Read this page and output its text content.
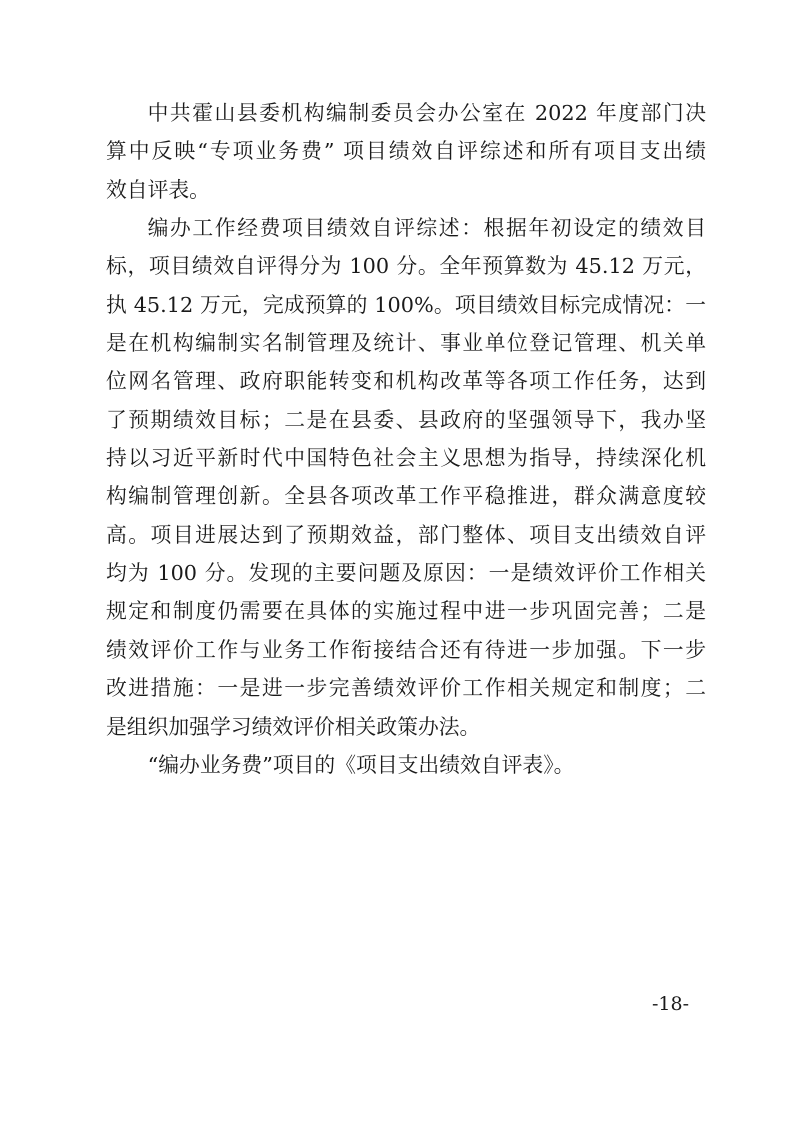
中共霍山县委机构编制委员会办公室在 2022 年度部门决
算中反映“专项业务费” 项目绩效自评综述和所有项目支出绩
效自评表。
编办工作经费项目绩效自评综述：根据年初设定的绩效目
标，项目绩效自评得分为 100 分。全年预算数为 45.12 万元，
执 45.12 万元，完成预算的 100%。项目绩效目标完成情况：一
是在机构编制实名制管理及统计、事业单位登记管理、机关单
位网名管理、政府职能转变和机构改革等各项工作任务，达到
了预期绩效目标；二是在县委、县政府的坚强领导下，我办坚
持以习近平新时代中国特色社会主义思想为指导，持续深化机
构编制管理创新。全县各项改革工作平稳推进，群众满意度较
高。项目进展达到了预期效益，部门整体、项目支出绩效自评
均为 100 分。发现的主要问题及原因：一是绩效评价工作相关
规定和制度仍需要在具体的实施过程中进一步巩固完善；二是
绩效评价工作与业务工作衔接结合还有待进一步加强。下一步
改进措施：一是进一步完善绩效评价工作相关规定和制度；二
是组织加强学习绩效评价相关政策办法。
“编办业务费”项目的《项目支出绩效自评表》。
-18-
